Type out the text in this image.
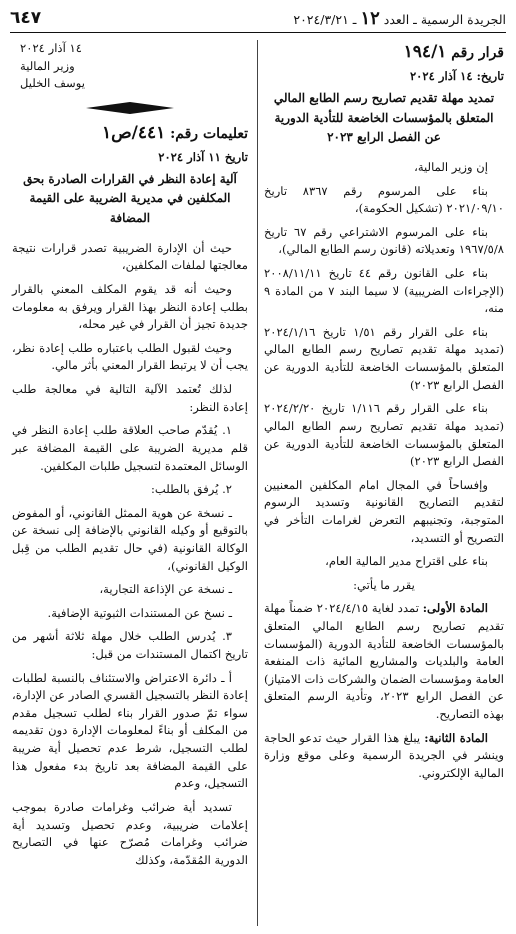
الجريدة الرسمية ـ العدد ١٢ ـ ٢٠٢٤/٣/٢١
٦٤٧
قرار رقم ١٩٤/١
تاريخ: ١٤ آذار ٢٠٢٤
تمديد مهلة تقديم تصاريح رسم الطابع المالي
المتعلق بالمؤسسات الخاضعة للتأدية الدورية
عن الفصل الرابع ٢٠٢٣

إن وزير المالية،

بناء على المرسوم رقم ٨٣٦٧ تاريخ ٢٠٢١/٠٩/١٠ (تشكيل الحكومة)،

بناء على المرسوم الاشتراعي رقم ٦٧ تاريخ ١٩٦٧/٥/٨ وتعديلاته (قانون رسم الطابع المالي)،

بناء على القانون رقم ٤٤ تاريخ ٢٠٠٨/١١/١١ (الإجراءات الضريبية) لا سيما البند ٧ من المادة ٩ منه،

بناء على القرار رقم ١/٥١ تاريخ ٢٠٢٤/١/١٦ (تمديد مهلة تقديم تصاريح رسم الطابع المالي المتعلق بالمؤسسات الخاضعة للتأدية الدورية عن الفصل الرابع ٢٠٢٣)

بناء على القرار رقم ١/١١٦ تاريخ ٢٠٢٤/٢/٢٠ (تمديد مهلة تقديم تصاريح رسم الطابع المالي المتعلق بالمؤسسات الخاضعة للتأدية الدورية عن الفصل الرابع ٢٠٢٣)

وإفساحاً في المجال امام المكلفين المعنيين لتقديم التصاريح القانونية وتسديد الرسوم المتوجبة، وتجنيبهم التعرض لغرامات التأخر في التصريح أو التسديد،

بناء على اقتراح مدير المالية العام،

يقرر ما يأتي:

المادة الأولى: تمدد لغاية ٢٠٢٤/٤/١٥ ضمناً مهلة تقديم تصاريح رسم الطابع المالي المتعلق بالمؤسسات الخاضعة للتأدية الدورية (المؤسسات العامة والبلديات والمشاريع المائية ذات المنفعة العامة ومؤسسات الضمان والشركات ذات الامتياز) عن الفصل الرابع ٢٠٢٣، وتأدية الرسم المتعلق بهذه التصاريح.

المادة الثانية: يبلغ هذا القرار حيث تدعو الحاجة وينشر في الجريدة الرسمية وعلى موقع وزارة المالية الإلكتروني.

١٤ آذار ٢٠٢٤
وزير المالية
يوسف الخليل
تعليمات رقم: ٤٤١/ص١
تاريخ ١١ آذار ٢٠٢٤
آلية إعادة النظر في القرارات الصادرة بحق
المكلفين في مديرية الضريبة على القيمة المضافة

حيث أن الإدارة الضريبية تصدر قرارات نتيجة معالجتها لملفات المكلفين،

وحيث أنه قد يقوم المكلف المعني بالقرار بطلب إعادة النظر بهذا القرار ويرفق به معلومات جديدة تجيز أن القرار في غير محله،

وحيث لقبول الطلب باعتباره طلب إعادة نظر، يجب أن لا يرتبط القرار المعني بأثر مالي.

لذلك تُعتمد الآلية التالية في معالجة طلب إعادة النظر:

١. يُقدّم صاحب العلاقة طلب إعادة النظر في قلم مديرية الضريبة على القيمة المضافة عبر الوسائل المعتمدة لتسجيل طلبات المكلفين.

٢. يُرفق بالطلب:

ـ نسخة عن هوية الممثل القانوني، أو المفوض بالتوقيع أو وكيله القانوني بالإضافة إلى نسخة عن الوكالة القانونية (في حال تقديم الطلب من قِبل الوكيل القانوني)،

ـ نسخة عن الإذاعة التجارية،

ـ نسخ عن المستندات الثبوتية الإضافية.

٣. يُدرس الطلب خلال مهلة ثلاثة أشهر من تاريخ اكتمال المستندات من قبل:

أ ـ دائرة الاعتراض والاستئناف بالنسبة لطلبات إعادة النظر بالتسجيل القسري الصادر عن الإدارة، سواء تمّ صدور القرار بناء لطلب تسجيل مقدم من المكلف أو بناءً لمعلومات الإدارة دون تقديمه لطلب التسجيل، شرط عدم تحصيل أية ضريبة على القيمة المضافة بعد تاريخ بدء مفعول هذا التسجيل، وعدم

تسديد أية ضرائب وغرامات صادرة بموجب إعلامات ضريبية، وعدم تحصيل وتسديد أية ضرائب وغرامات مُصرّح عنها في التصاريح الدورية المُقدّمة، وكذلك
